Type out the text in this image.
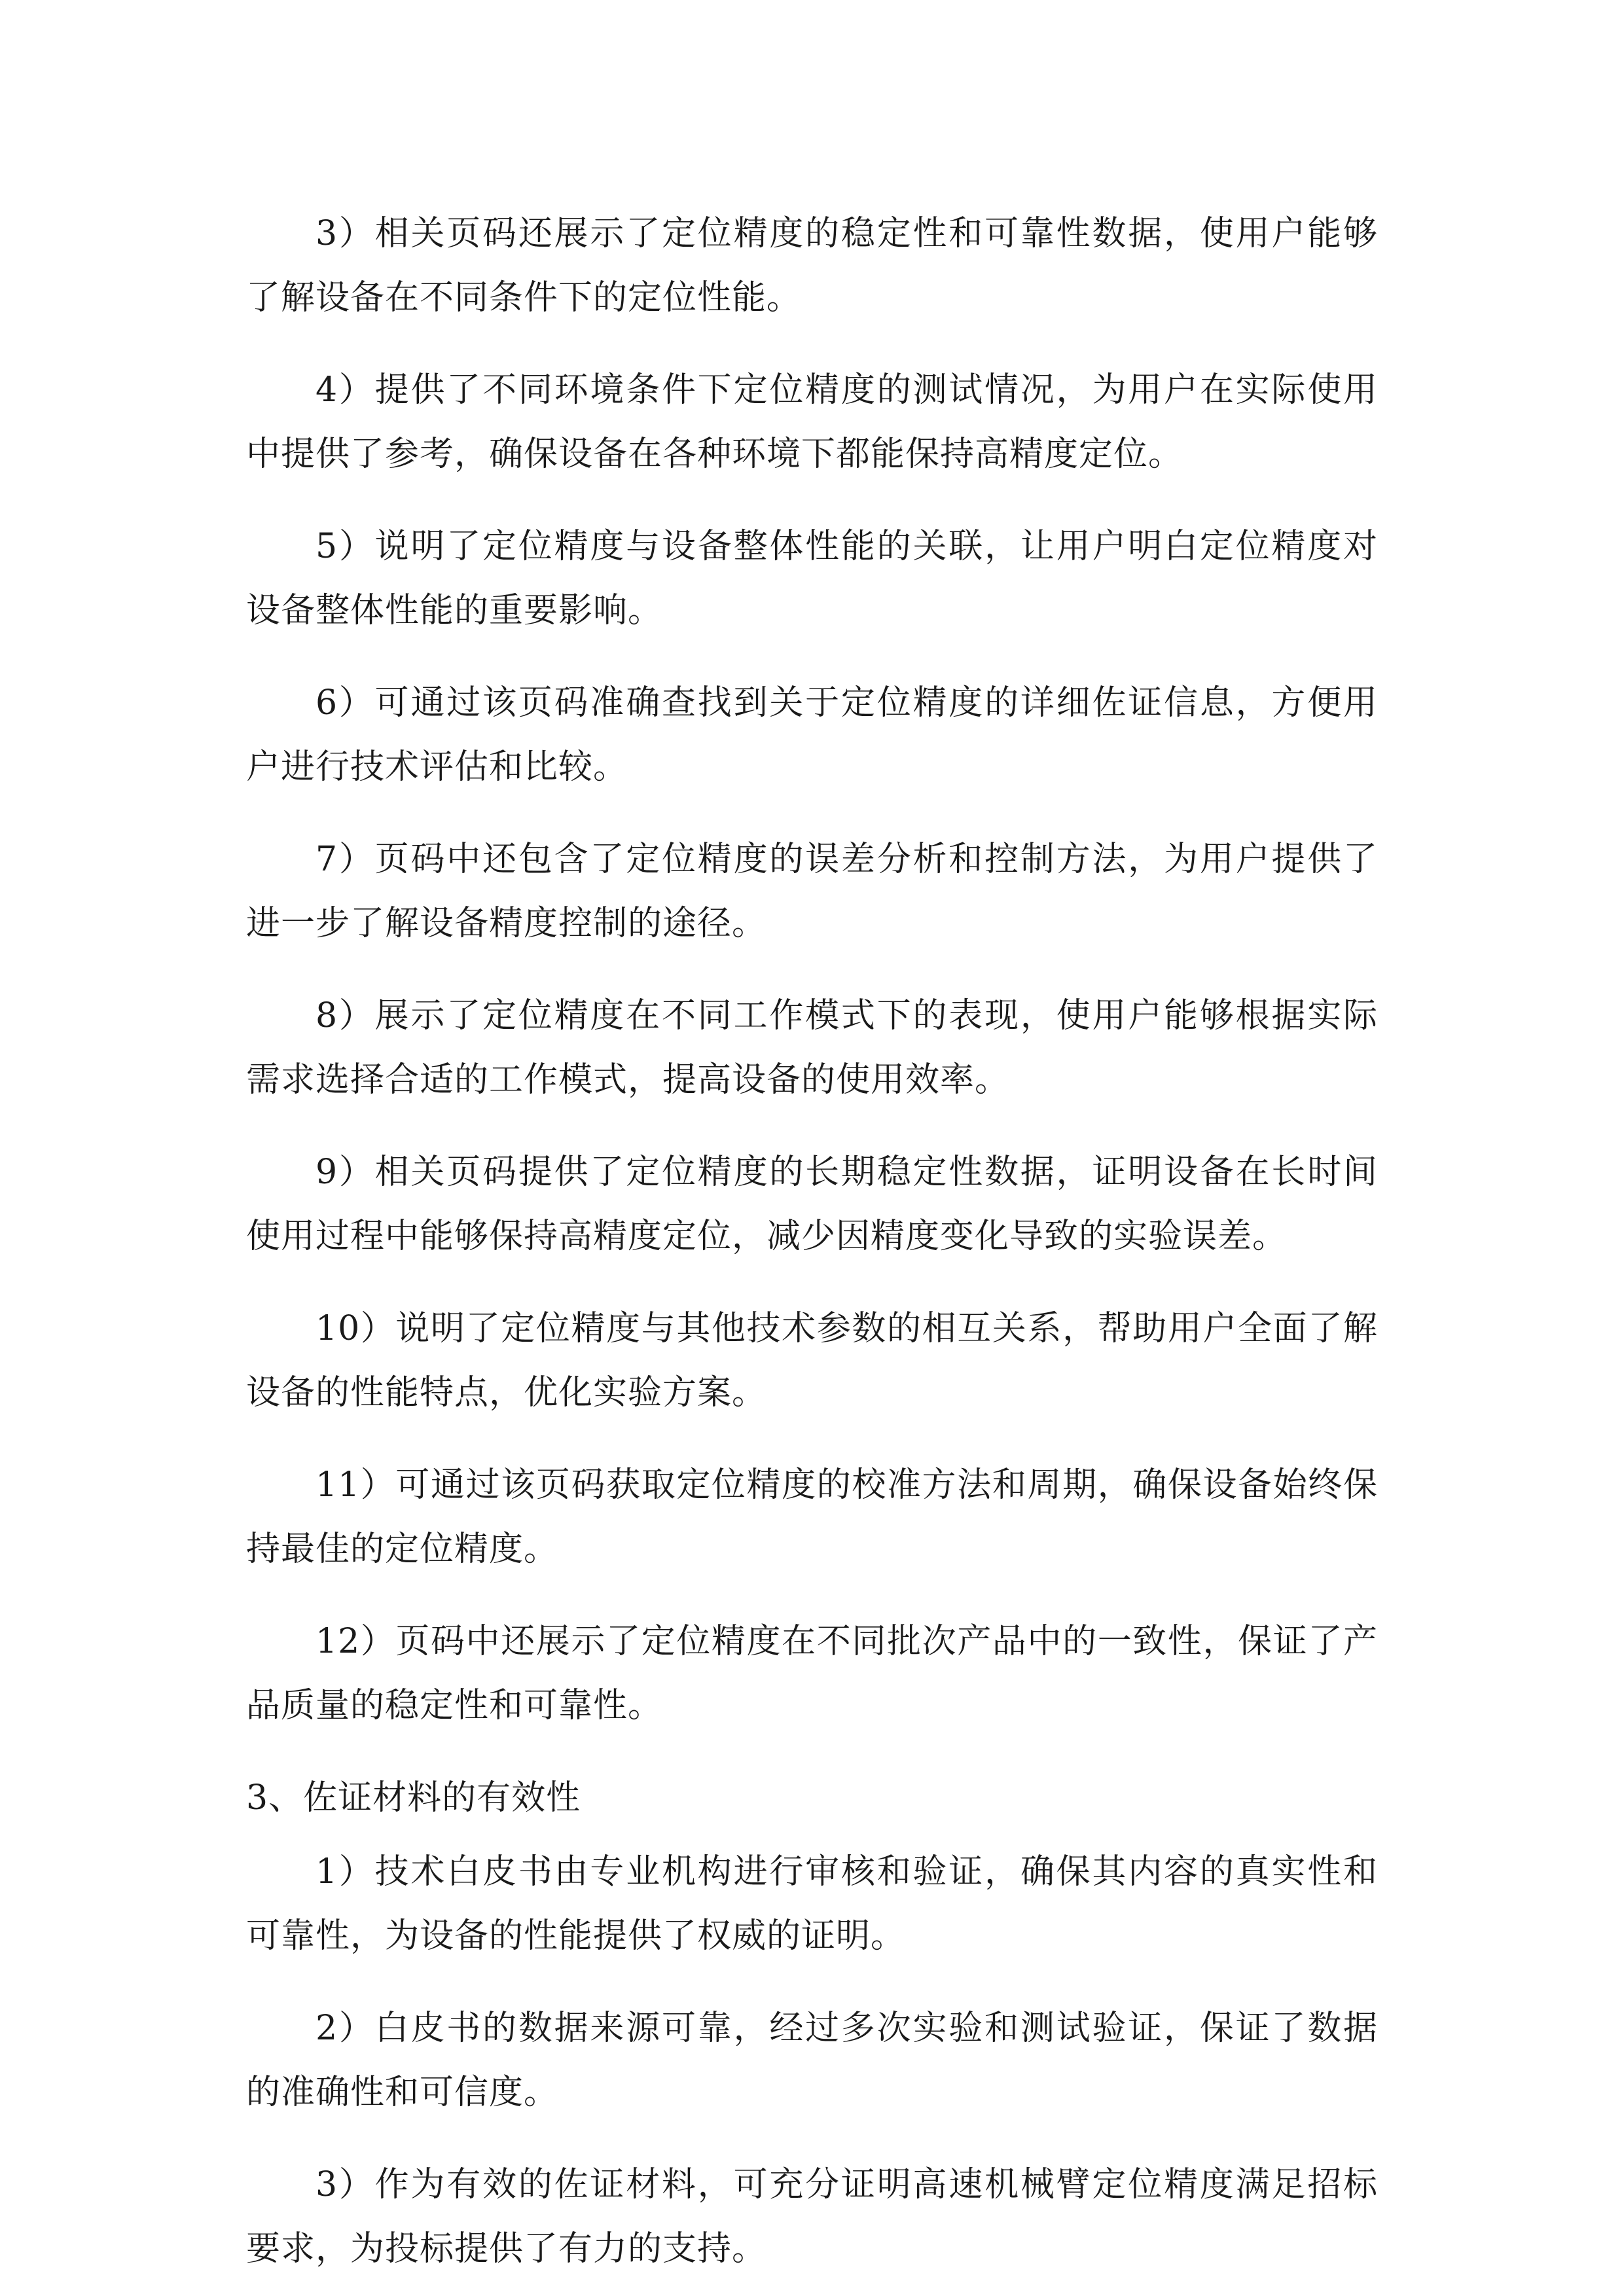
3）相关页码还展示了定位精度的稳定性和可靠性数据，使用户能够了解设备在不同条件下的定位性能。

4）提供了不同环境条件下定位精度的测试情况，为用户在实际使用中提供了参考，确保设备在各种环境下都能保持高精度定位。

5）说明了定位精度与设备整体性能的关联，让用户明白定位精度对设备整体性能的重要影响。

6）可通过该页码准确查找到关于定位精度的详细佐证信息，方便用户进行技术评估和比较。

7）页码中还包含了定位精度的误差分析和控制方法，为用户提供了进一步了解设备精度控制的途径。

8）展示了定位精度在不同工作模式下的表现，使用户能够根据实际需求选择合适的工作模式，提高设备的使用效率。

9）相关页码提供了定位精度的长期稳定性数据，证明设备在长时间使用过程中能够保持高精度定位，减少因精度变化导致的实验误差。

10）说明了定位精度与其他技术参数的相互关系，帮助用户全面了解设备的性能特点，优化实验方案。

11）可通过该页码获取定位精度的校准方法和周期，确保设备始终保持最佳的定位精度。

12）页码中还展示了定位精度在不同批次产品中的一致性，保证了产品质量的稳定性和可靠性。

3、佐证材料的有效性

1）技术白皮书由专业机构进行审核和验证，确保其内容的真实性和可靠性，为设备的性能提供了权威的证明。

2）白皮书的数据来源可靠，经过多次实验和测试验证，保证了数据的准确性和可信度。

3）作为有效的佐证材料，可充分证明高速机械臂定位精度满足招标要求，为投标提供了有力的支持。
